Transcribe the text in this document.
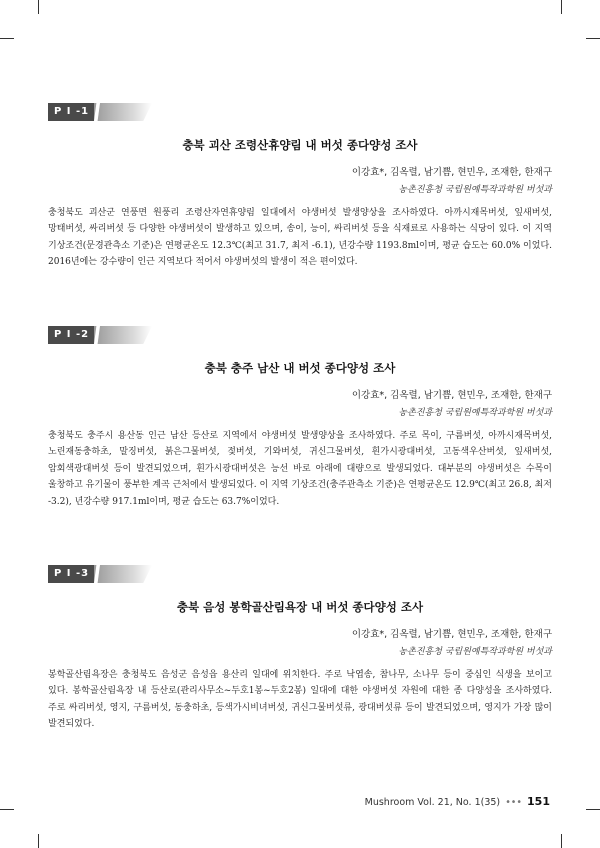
P I -1
충북 괴산 조령산휴양림 내 버섯 종다양성 조사

이강효*, 김옥렬, 남기쁨, 현민우, 조재한, 한재구

농촌진흥청 국립원예특작과학원 버섯과

충청북도 괴산군 연풍면 원풍리 조령산자연휴양림 일대에서 야생버섯 발생양상을 조사하였다. 아까시재목버섯, 잎새버섯, 망태버섯, 싸리버섯 등 다양한 야생버섯이 발생하고 있으며, 송이, 능이, 싸리버섯 등을 식재료로 사용하는 식당이 있다. 이 지역 기상조건(문경관측소 기준)은 연평균온도 12.3℃(최고 31.7, 최저 -6.1), 년강수량 1193.8ml이며, 평균 습도는 60.0% 이었다. 2016년에는 강수량이 인근 지역보다 적어서 야생버섯의 발생이 적은 편이었다.

P I -2
충북 충주 남산 내 버섯 종다양성 조사

이강효*, 김옥렬, 남기쁨, 현민우, 조재한, 한재구

농촌진흥청 국립원예특작과학원 버섯과

충청북도 충주시 용산동 인근 남산 등산로 지역에서 야생버섯 발생양상을 조사하였다. 주로 목이, 구름버섯, 아까시재목버섯, 노린재동충하초, 말징버섯, 붉은그물버섯, 젖버섯, 기와버섯, 귀신그물버섯, 흰가시광대버섯, 고동색우산버섯, 잎새버섯, 암회색광대버섯 등이 발견되었으며, 흰가시광대버섯은 능선 바로 아래에 대량으로 발생되었다. 대부분의 야생버섯은 수목이 울창하고 유기물이 풍부한 계곡 근처에서 발생되었다. 이 지역 기상조건(충주관측소 기준)은 연평균온도 12.9℃(최고 26.8, 최저 -3.2), 년강수량 917.1ml이며, 평균 습도는 63.7%이었다.

P I -3
충북 음성 봉학골산림욕장 내 버섯 종다양성 조사

이강효*, 김옥렬, 남기쁨, 현민우, 조재한, 한재구

농촌진흥청 국립원예특작과학원 버섯과

봉학골산림욕장은 충청북도 음성군 음성읍 용산리 일대에 위치한다. 주로 낙엽송, 참나무, 소나무 등이 중심인 식생을 보이고 있다. 봉학골산림욕장 내 등산로(관리사무소~두호1봉~두호2봉) 일대에 대한 야생버섯 자원에 대한 종 다양성을 조사하였다. 주로 싸리버섯, 영지, 구름버섯, 동충하초, 등색가시비녀버섯, 귀신그물버섯류, 광대버섯류 등이 발견되었으며, 영지가 가장 많이 발견되었다.

Mushroom Vol. 21, No. 1(35) ••• 151
